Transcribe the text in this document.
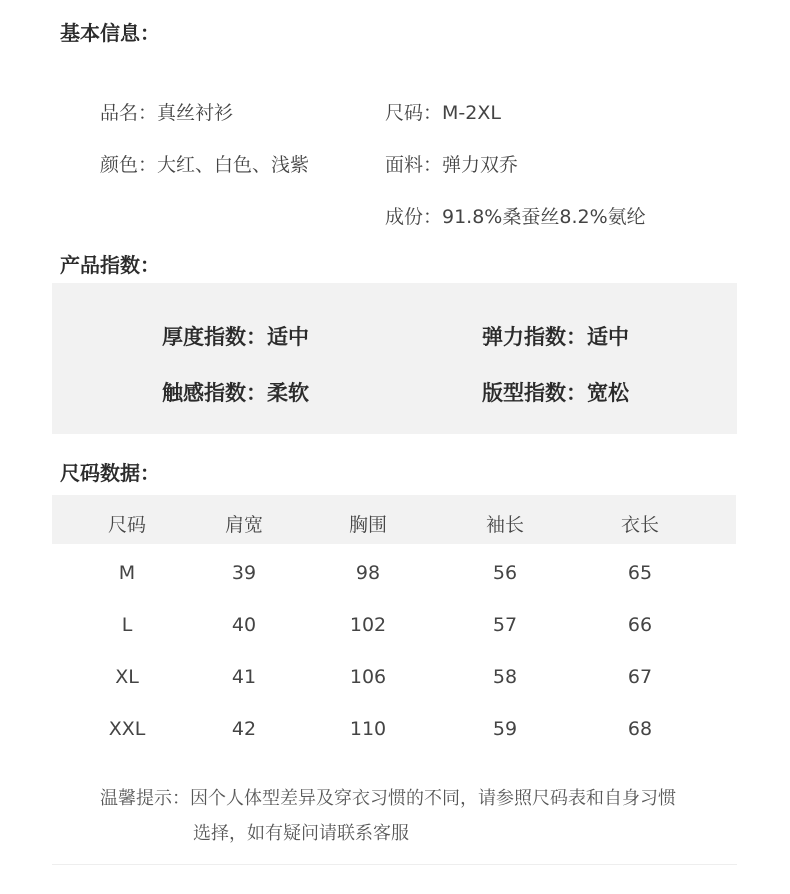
基本信息：
品名：真丝衬衫	尺码：M-2XL
颜色：大红、白色、浅紫	面料：弹力双乔
成份：91.8%桑蚕丝8.2%氨纶
产品指数：
厚度指数：适中	弹力指数：适中
触感指数：柔软	版型指数：宽松
尺码数据：
尺码	肩宽	胸围	袖长	衣长
M	39	98	56	65
L	40	102	57	66
XL	41	106	58	67
XXL	42	110	59	68
温馨提示：因个人体型差异及穿衣习惯的不同，请参照尺码表和自身习惯
选择，如有疑问请联系客服
